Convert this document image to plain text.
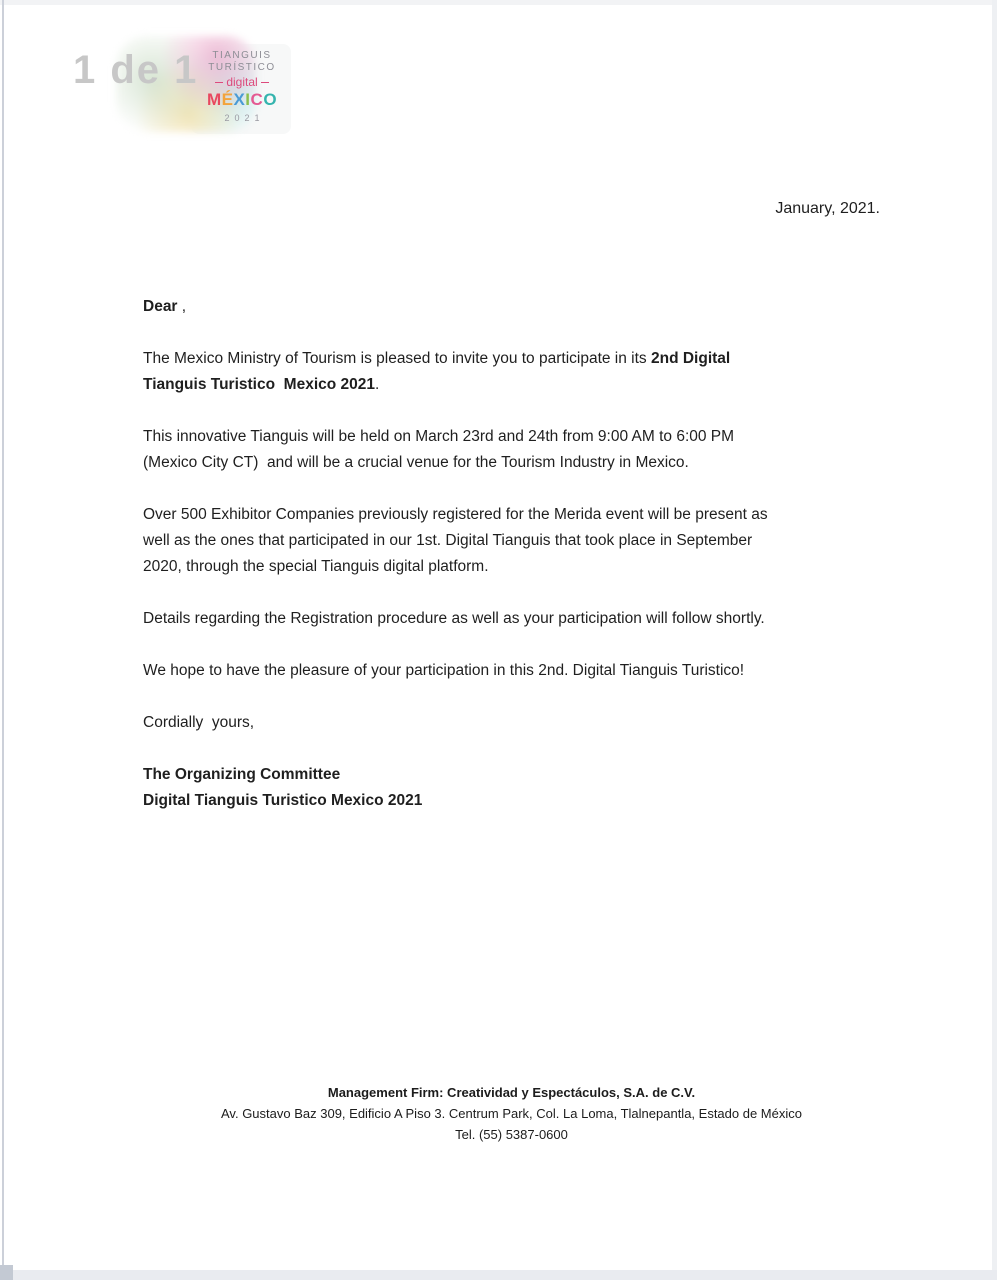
1 de 1	TIANGUIS
TURÍSTICO
digital
MÉXICO
2021
January, 2021.

Dear ,

The Mexico Ministry of Tourism is pleased to invite you to participate in its 2nd Digital
Tianguis Turistico  Mexico 2021.

This innovative Tianguis will be held on March 23rd and 24th from 9:00 AM to 6:00 PM
(Mexico City CT)  and will be a crucial venue for the Tourism Industry in Mexico.

Over 500 Exhibitor Companies previously registered for the Merida event will be present as
well as the ones that participated in our 1st. Digital Tianguis that took place in September
2020, through the special Tianguis digital platform.

Details regarding the Registration procedure as well as your participation will follow shortly.

We hope to have the pleasure of your participation in this 2nd. Digital Tianguis Turistico!

Cordially  yours,

The Organizing Committee
Digital Tianguis Turistico Mexico 2021

Management Firm: Creatividad y Espectáculos, S.A. de C.V.
Av. Gustavo Baz 309, Edificio A Piso 3. Centrum Park, Col. La Loma, Tlalnepantla, Estado de México
Tel. (55) 5387-0600
